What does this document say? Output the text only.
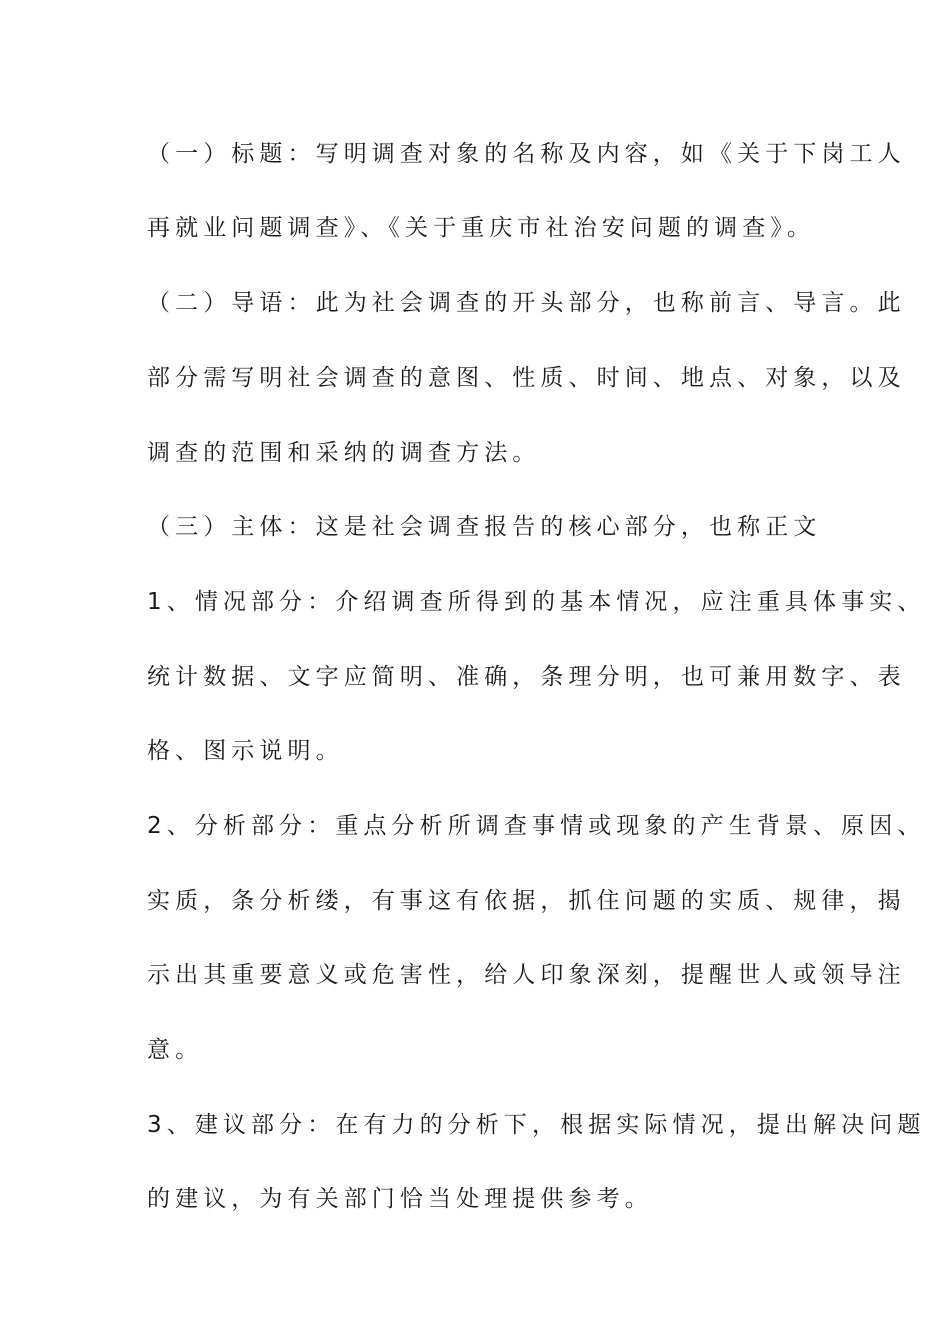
（一）标题：写明调查对象的名称及内容，如《关于下岗工人
再就业问题调查》、《关于重庆市社治安问题的调查》。
（二）导语：此为社会调查的开头部分，也称前言、导言。此
部分需写明社会调查的意图、性质、时间、地点、对象，以及
调查的范围和采纳的调查方法。
（三）主体：这是社会调查报告的核心部分，也称正文
1、情况部分：介绍调查所得到的基本情况，应注重具体事实、
统计数据、文字应简明、准确，条理分明，也可兼用数字、表
格、图示说明。
2、分析部分：重点分析所调查事情或现象的产生背景、原因、
实质，条分析缕，有事这有依据，抓住问题的实质、规律，揭
示出其重要意义或危害性，给人印象深刻，提醒世人或领导注
意。
3、建议部分：在有力的分析下，根据实际情况，提出解决问题
的建议，为有关部门恰当处理提供参考。
